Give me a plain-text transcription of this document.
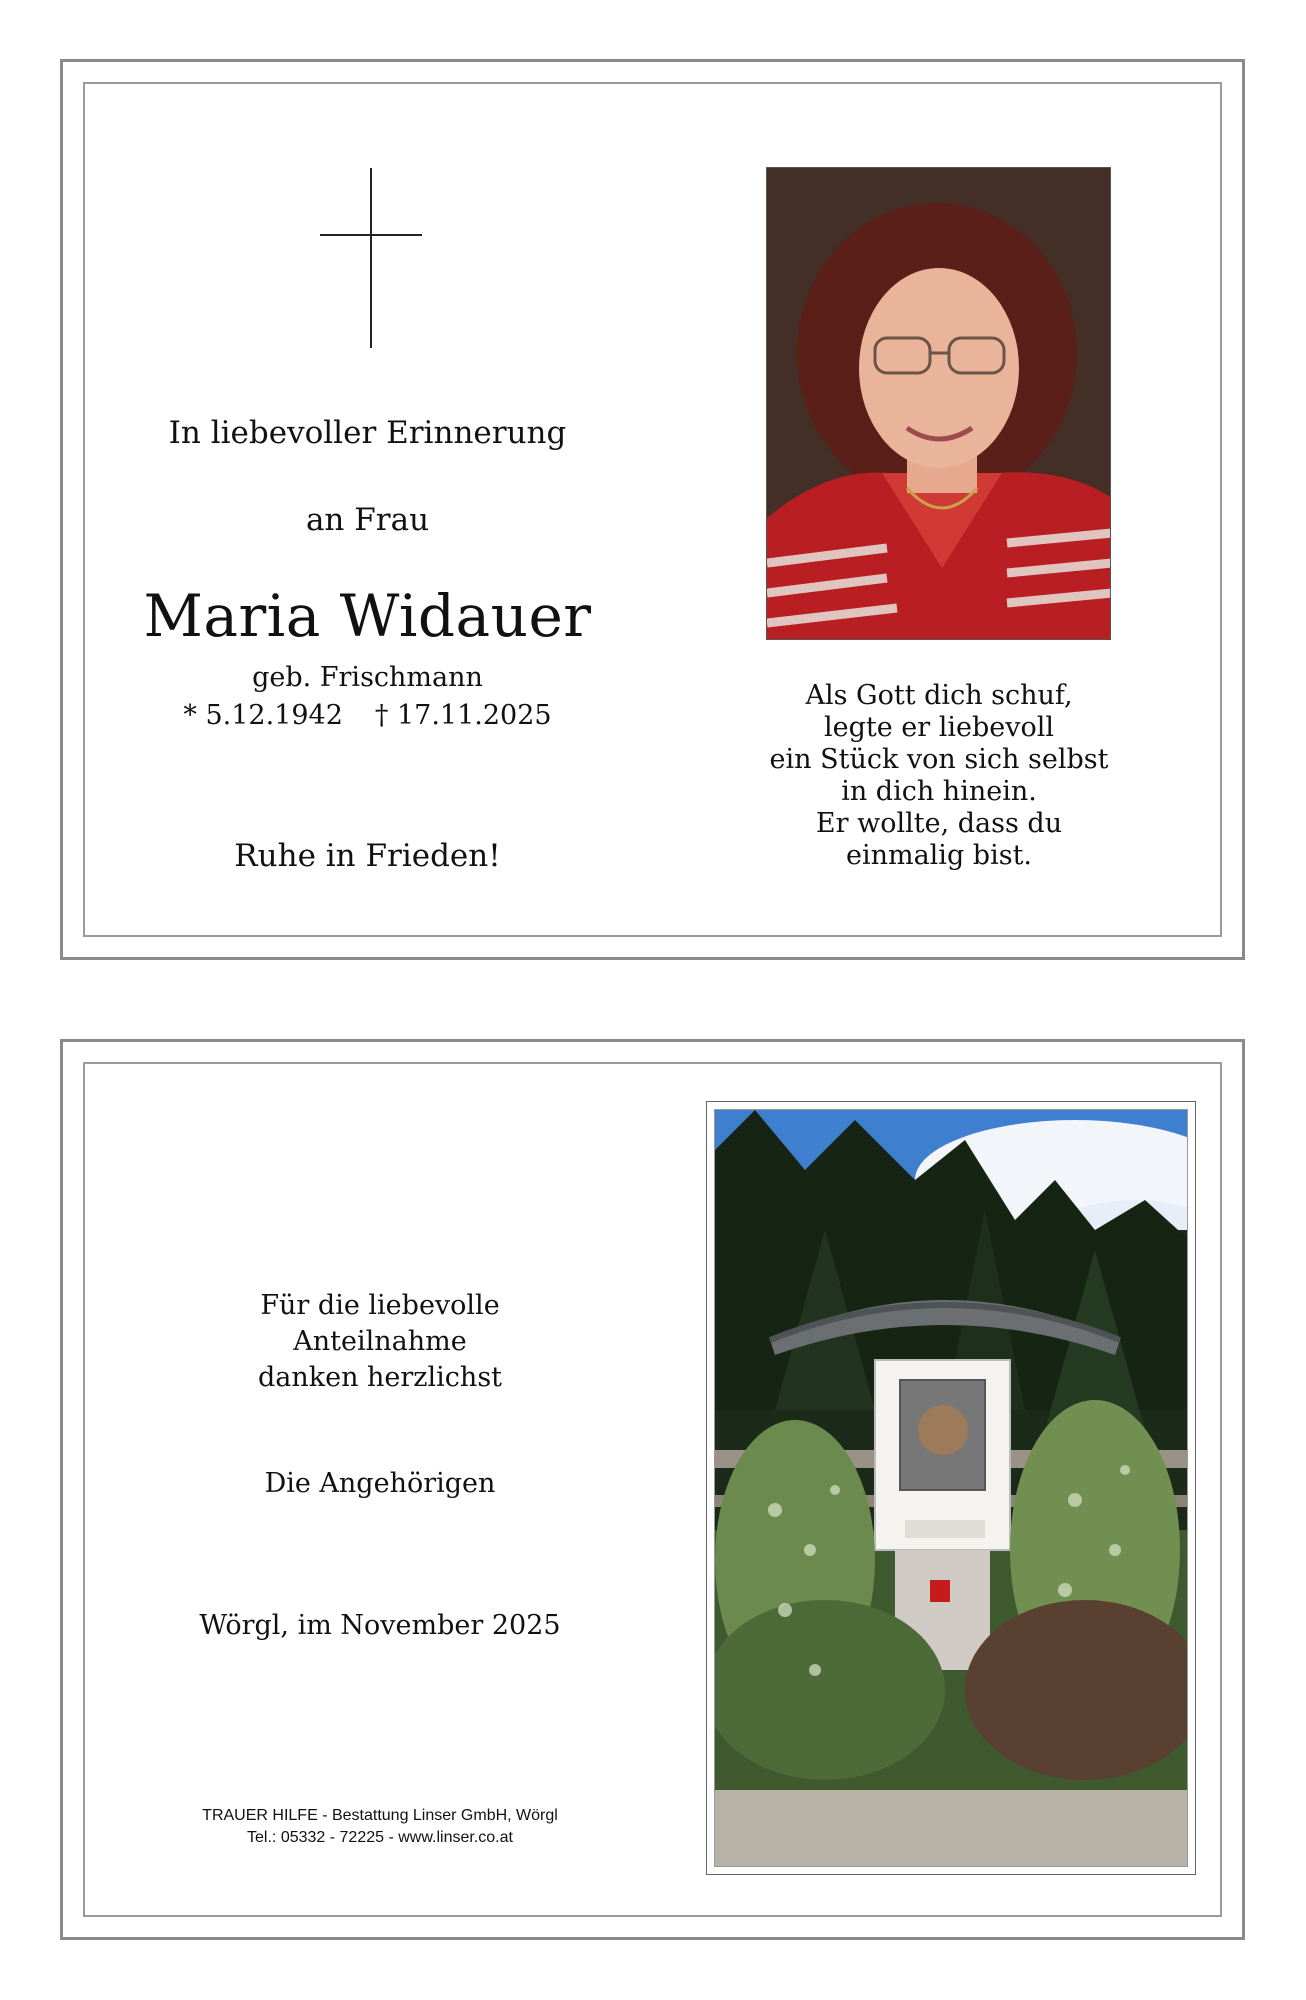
In liebevoller Erinnerung
an Frau
Maria Widauer
geb. Frischmann
* 5.12.1942 † 17.11.2025
Ruhe in Frieden!
Als Gott dich schuf,
legte er liebevoll
ein Stück von sich selbst
in dich hinein.
Er wollte, dass du
einmalig bist.
Für die liebevolle
Anteilnahme
danken herzlichst
Die Angehörigen
Wörgl, im November 2025
TRAUER HILFE - Bestattung Linser GmbH, Wörgl
Tel.: 05332 - 72225 - www.linser.co.at
